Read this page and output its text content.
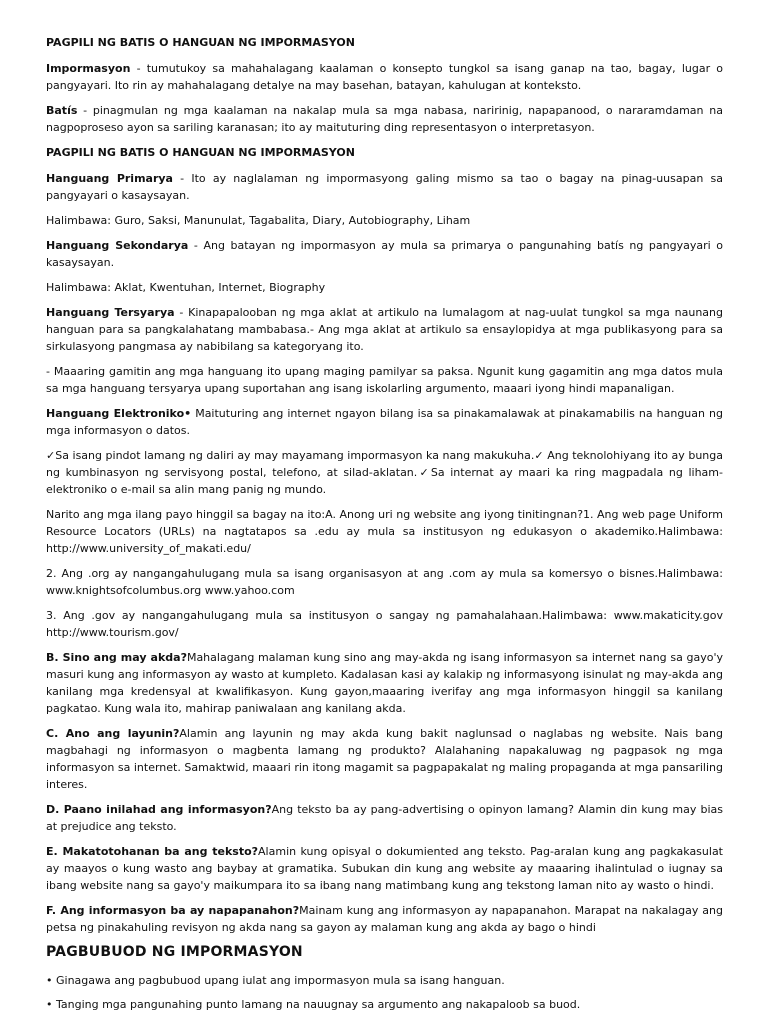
PAGPILI NG BATIS O HANGUAN NG IMPORMASYON

Impormasyon - tumutukoy sa mahahalagang kaalaman o konsepto tungkol sa isang ganap na tao, bagay, lugar o pangyayari. Ito rin ay mahahalagang detalye na may basehan, batayan, kahulugan at konteksto.

Batís - pinagmulan ng mga kaalaman na nakalap mula sa mga nabasa, naririnig, napapanood, o nararamdaman na nagpoproseso ayon sa sariling karanasan; ito ay maituturing ding representasyon o interpretasyon.

PAGPILI NG BATIS O HANGUAN NG IMPORMASYON

Hanguang Primarya - Ito ay naglalaman ng impormasyong galing mismo sa tao o bagay na pinag-uusapan sa pangyayari o kasaysayan.

Halimbawa: Guro, Saksi, Manunulat, Tagabalita, Diary, Autobiography, Liham

Hanguang Sekondarya - Ang batayan ng impormasyon ay mula sa primarya o pangunahing batís ng pangyayari o kasaysayan.

Halimbawa: Aklat, Kwentuhan, Internet, Biography

Hanguang Tersyarya - Kinapapalooban ng mga aklat at artikulo na lumalagom at nag-uulat tungkol sa mga naunang hanguan para sa pangkalahatang mambabasa.- Ang mga aklat at artikulo sa ensaylopidya at mga publikasyong para sa sirkulasyong pangmasa ay nabibilang sa kategoryang ito.

- Maaaring gamitin ang mga hanguang ito upang maging pamilyar sa paksa. Ngunit kung gagamitin ang mga datos mula sa mga hanguang tersyarya upang suportahan ang isang iskolarling argumento, maaari iyong hindi mapanaligan.

Hanguang Elektroniko• Maituturing ang internet ngayon bilang isa sa pinakamalawak at pinakamabilis na hanguan ng mga informasyon o datos.

✓Sa isang pindot lamang ng daliri ay may mayamang impormasyon ka nang makukuha.✓ Ang teknolohiyang ito ay bunga ng kumbinasyon ng servisyong postal, telefono, at silad-aklatan.✓Sa internat ay maari ka ring magpadala ng liham-elektroniko o e-mail sa alin mang panig ng mundo.

Narito ang mga ilang payo hinggil sa bagay na ito:A. Anong uri ng website ang iyong tinitingnan?1. Ang web page Uniform Resource Locators (URLs) na nagtatapos sa .edu ay mula sa institusyon ng edukasyon o akademiko.Halimbawa: http://www.university_of_makati.edu/

2. Ang .org ay nangangahulugang mula sa isang organisasyon at ang .com ay mula sa komersyo o bisnes.Halimbawa: www.knightsofcolumbus.org www.yahoo.com

3. Ang .gov ay nangangahulugang mula sa institusyon o sangay ng pamahalahaan.Halimbawa: www.makaticity.gov http://www.tourism.gov/

B. Sino ang may akda?Mahalagang malaman kung sino ang may-akda ng isang informasyon sa internet nang sa gayo'y masuri kung ang informasyon ay wasto at kumpleto. Kadalasan kasi ay kalakip ng informasyong isinulat ng may-akda ang kanilang mga kredensyal at kwalifikasyon. Kung gayon,maaaring iverifay ang mga informasyon hinggil sa kanilang pagkatao. Kung wala ito, mahirap paniwalaan ang kanilang akda.

C. Ano ang layunin?Alamin ang layunin ng may akda kung bakit naglunsad o naglabas ng website. Nais bang magbahagi ng informasyon o magbenta lamang ng produkto? Alalahaning napakaluwag ng pagpasok ng mga informasyon sa internet. Samaktwid, maaari rin itong magamit sa pagpapakalat ng maling propaganda at mga pansariling interes.

D. Paano inilahad ang informasyon?Ang teksto ba ay pang-advertising o opinyon lamang? Alamin din kung may bias at prejudice ang teksto.

E. Makatotohanan ba ang teksto?Alamin kung opisyal o dokumiented ang teksto. Pag-aralan kung ang pagkakasulat ay maayos o kung wasto ang baybay at gramatika. Subukan din kung ang website ay maaaring ihalintulad o iugnay sa ibang website nang sa gayo'y maikumpara ito sa ibang nang matimbang kung ang tekstong laman nito ay wasto o hindi.

F. Ang informasyon ba ay napapanahon?Mainam kung ang informasyon ay napapanahon. Marapat na nakalagay ang petsa ng pinakahuling revisyon ng akda nang sa gayon ay malaman kung ang akda ay bago o hindi

PAGBUBUOD NG IMPORMASYON

• Ginagawa ang pagbubuod upang iulat ang impormasyon mula sa isang hanguan.

• Tanging mga pangunahing punto lamang na nauugnay sa argumento ang nakapaloob sa buod.
